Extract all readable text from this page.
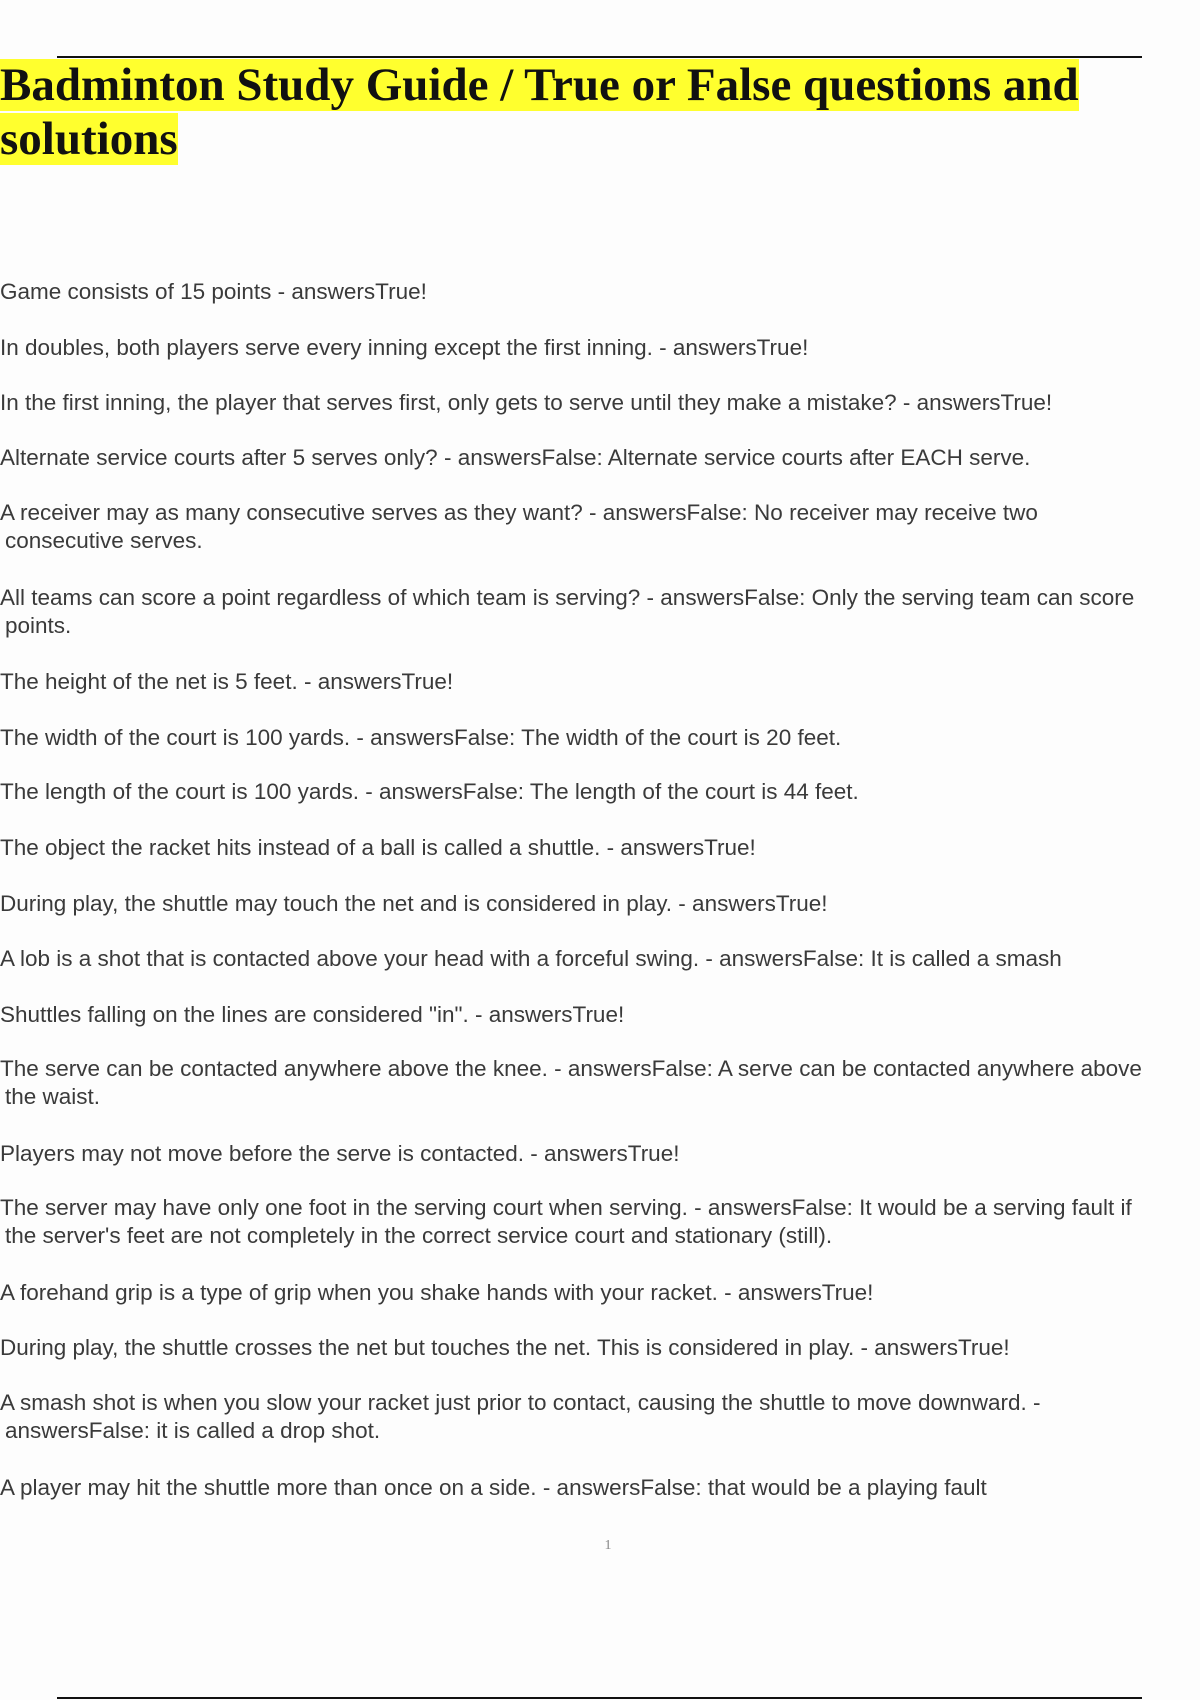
Badminton Study Guide / True or False questions and solutions
Game consists of 15 points - answersTrue!
In doubles, both players serve every inning except the first inning. - answersTrue!
In the first inning, the player that serves first, only gets to serve until they make a mistake? - answersTrue!
Alternate service courts after 5 serves only? - answersFalse: Alternate service courts after EACH serve.
A receiver may as many consecutive serves as they want? - answersFalse: No receiver may receive two
consecutive serves.
All teams can score a point regardless of which team is serving? - answersFalse: Only the serving team can score
points.
The height of the net is 5 feet. - answersTrue!
The width of the court is 100 yards. - answersFalse: The width of the court is 20 feet.
The length of the court is 100 yards. - answersFalse: The length of the court is 44 feet.
The object the racket hits instead of a ball is called a shuttle. - answersTrue!
During play, the shuttle may touch the net and is considered in play. - answersTrue!
A lob is a shot that is contacted above your head with a forceful swing. - answersFalse: It is called a smash
Shuttles falling on the lines are considered "in". - answersTrue!
The serve can be contacted anywhere above the knee. - answersFalse: A serve can be contacted anywhere above
the waist.
Players may not move before the serve is contacted. - answersTrue!
The server may have only one foot in the serving court when serving. - answersFalse: It would be a serving fault if
the server's feet are not completely in the correct service court and stationary (still).
A forehand grip is a type of grip when you shake hands with your racket. - answersTrue!
During play, the shuttle crosses the net but touches the net. This is considered in play. - answersTrue!
A smash shot is when you slow your racket just prior to contact, causing the shuttle to move downward. -
answersFalse: it is called a drop shot.
A player may hit the shuttle more than once on a side. - answersFalse: that would be a playing fault
1
